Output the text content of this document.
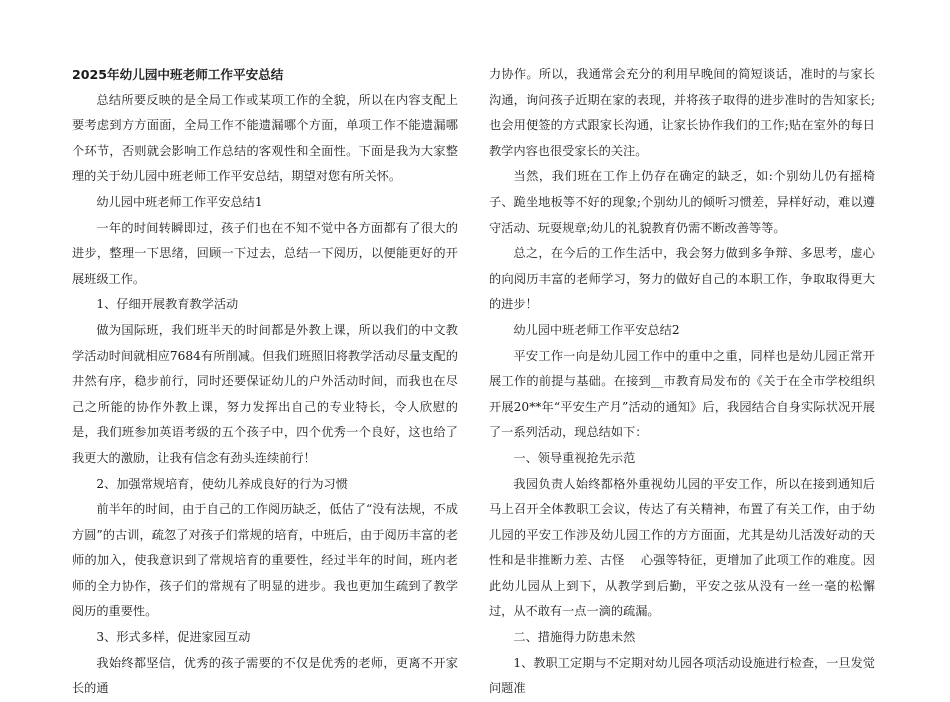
2025年幼儿园中班老师工作平安总结

总结所要反映的是全局工作或某项工作的全貌，所以在内容支配上要考虑到方方面面，全局工作不能遗漏哪个方面，单项工作不能遗漏哪个环节，否则就会影响工作总结的客观性和全面性。下面是我为大家整理的关于幼儿园中班老师工作平安总结，期望对您有所关怀。

幼儿园中班老师工作平安总结1

一年的时间转瞬即过，孩子们也在不知不觉中各方面都有了很大的进步，整理一下思绪，回顾一下过去，总结一下阅历，以便能更好的开展班级工作。

1、仔细开展教育教学活动

做为国际班，我们班半天的时间都是外教上课，所以我们的中文教学活动时间就相应7684有所削减。但我们班照旧将教学活动尽量支配的井然有序，稳步前行，同时还要保证幼儿的户外活动时间，而我也在尽己之所能的协作外教上课，努力发挥出自己的专业特长，令人欣慰的是，我们班参加英语考级的五个孩子中，四个优秀一个良好，这也给了我更大的激励，让我有信念有劲头连续前行！

2、加强常规培育，使幼儿养成良好的行为习惯

前半年的时间，由于自己的工作阅历缺乏，低估了“没有法规，不成方圆”的古训，疏忽了对孩子们常规的培育，中班后，由于阅历丰富的老师的加入，使我意识到了常规培育的重要性，经过半年的时间，班内老师的全力协作，孩子们的常规有了明显的进步。我也更加生疏到了教学阅历的重要性。

3、形式多样，促进家园互动

我始终都坚信，优秀的孩子需要的不仅是优秀的老师，更离不开家长的通

力协作。所以，我通常会充分的利用早晚间的简短谈话，准时的与家长沟通，询问孩子近期在家的表现，并将孩子取得的进步准时的告知家长;也会用便签的方式跟家长沟通，让家长协作我们的工作;贴在室外的每日教学内容也很受家长的关注。

当然，我们班在工作上仍存在确定的缺乏，如:个别幼儿仍有摇椅子、跪坐地板等不好的现象;个别幼儿的倾听习惯差，异样好动，难以遵守活动、玩耍规章;幼儿的礼貌教育仍需不断改善等等。

总之，在今后的工作生活中，我会努力做到多争辩、多思考，虚心的向阅历丰富的老师学习，努力的做好自己的本职工作，争取取得更大的进步！

幼儿园中班老师工作平安总结2

平安工作一向是幼儿园工作中的重中之重，同样也是幼儿园正常开展工作的前提与基础。在接到__市教育局发布的《关于在全市学校组织开展20**年“平安生产月”活动的通知》后，我园结合自身实际状况开展了一系列活动，现总结如下：

一、领导重视抢先示范

我园负责人始终都格外重视幼儿园的平安工作，所以在接到通知后马上召开全体教职工会议，传达了有关精神，布置了有关工作，由于幼儿园的平安工作涉及幼儿园工作的方方面面，尤其是幼儿活泼好动的天性和是非推断力差、古怪　 心强等特征，更增加了此项工作的难度。因此幼儿园从上到下，从教学到后勤，平安之弦从没有一丝一毫的松懈过，从不敢有一点一滴的疏漏。

二、措施得力防患未然

1、教职工定期与不定期对幼儿园各项活动设施进行检查，一旦发觉问题准
